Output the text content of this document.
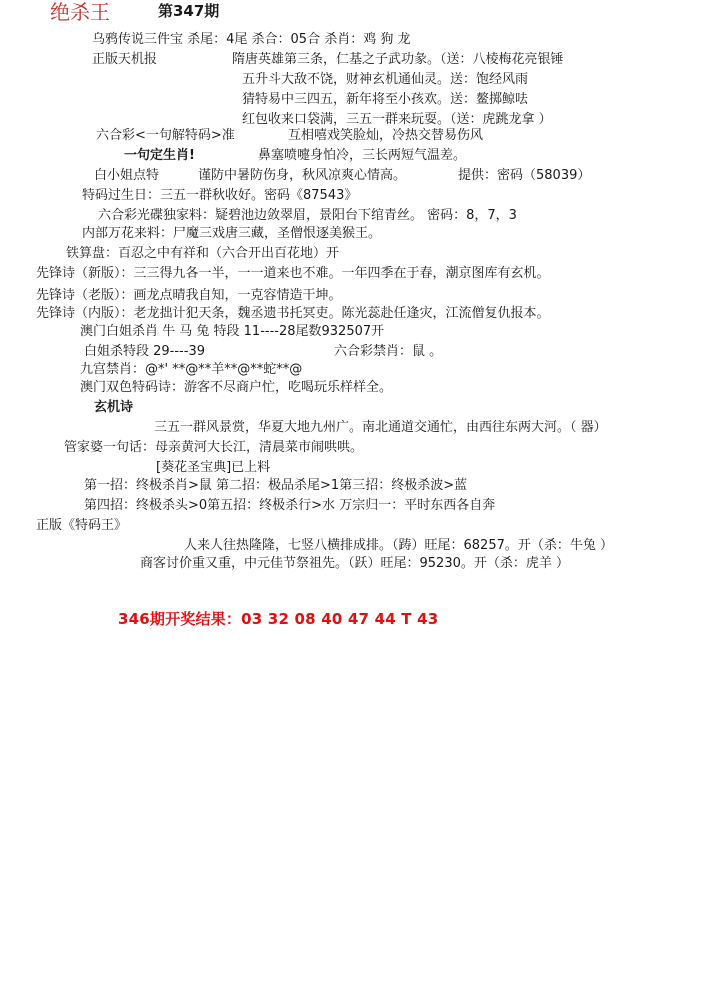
绝杀王	第347期
乌鸦传说三件宝 杀尾：4尾 杀合：05合 杀肖：鸡 狗 龙
正版天机报	隋唐英雄第三条，仁基之子武功彖。（送：八棱梅花亮银锤
五升斗大敌不饶，财神玄机通仙灵。送：饱经风雨
猜特易中三四五，新年将至小孩欢。送：鳌掷鲸呿
红包收来口袋满，三五一群来玩耍。（送：虎跳龙拿 ）
六合彩<一句解特码>准	互相嘻戏笑脸灿，冷热交替易伤风
一句定生肖!	鼻塞喷嚏身怕冷，三长两短气温差。
白小姐点特	谨防中暑防伤身，秋风凉爽心情高。	提供：密码（58039）
特码过生日：三五一群秋收好。密码《87543》
六合彩光碟独家料：疑碧池边敛翠眉，景阳台下绾青丝。 密码：8，7，3
内部万花来料：尸魔三戏唐三藏，圣僧恨逐美猴王。
铁算盘：百忍之中有祥和（六合开出百花地）开
先锋诗（新版）：三三得九各一半，一一道来也不难。一年四季在于春，潮京图库有玄机。
先锋诗（老版）：画龙点晴我自知，一克容情造干坤。
先锋诗（内版）：老龙拙计犯天条，魏丞遗书托冥吏。陈光蕊赴任逢灾，江流僧复仇报本。
澳门白姐杀肖 牛 马 兔 特段 11----28尾数932507开
白姐杀特段 29----39	六合彩禁肖：鼠 。
九宫禁肖：@*' **@**羊**@**蛇**@
澳门双色特码诗：游客不尽商户忙，吃喝玩乐样样全。
玄机诗
三五一群风景赏，华夏大地九州广。南北通道交通忙，由西往东两大河。（ 器）
管家婆一句话：母亲黄河大长江，清晨菜市闹哄哄。
[葵花圣宝典]已上料
第一招：终极杀肖>鼠 第二招：极品杀尾>1第三招：终极杀波>蓝
第四招：终极杀头>0第五招：终极杀行>水 万宗归一：平时东西各自奔
正版《特码王》
人来人往热隆隆，七竖八横排成排。（踌）旺尾：68257。开（杀：牛兔 ）
商客讨价重又重，中元佳节祭祖先。（跃）旺尾：95230。开（杀：虎羊 ）
346期开奖结果：03 32 08 40 47 44 T 43
